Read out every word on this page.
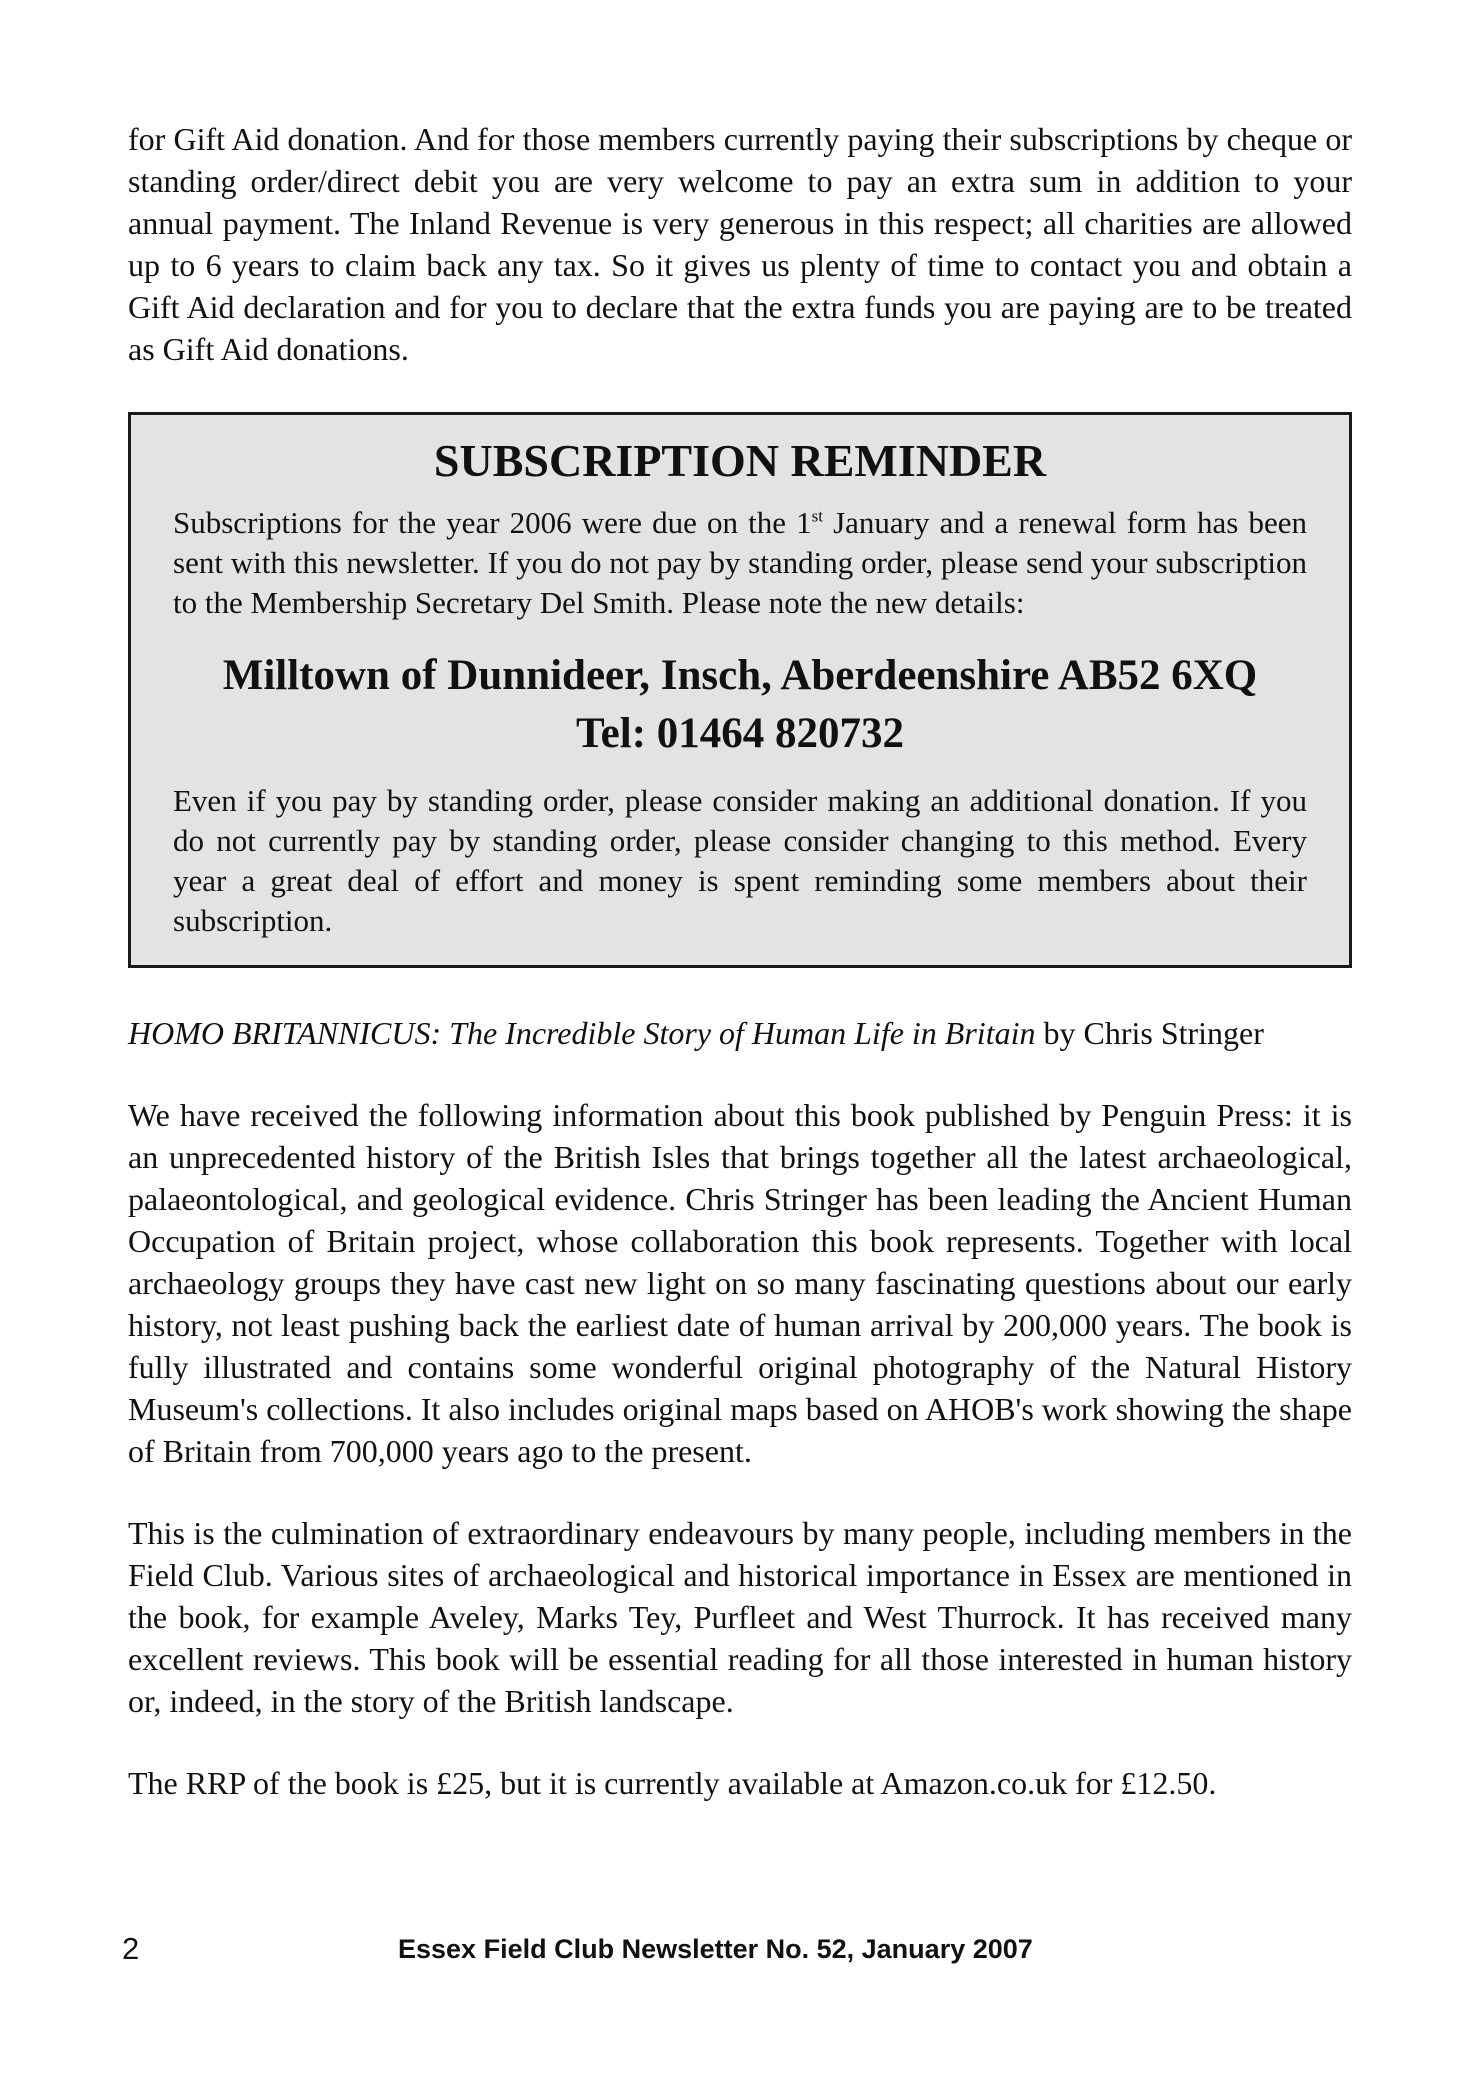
for Gift Aid donation. And for those members currently paying their subscriptions by cheque or standing order/direct debit you are very welcome to pay an extra sum in addition to your annual payment. The Inland Revenue is very generous in this respect; all charities are allowed up to 6 years to claim back any tax. So it gives us plenty of time to contact you and obtain a Gift Aid declaration and for you to declare that the extra funds you are paying are to be treated as Gift Aid donations.

SUBSCRIPTION REMINDER

Subscriptions for the year 2006 were due on the 1st January and a renewal form has been sent with this newsletter. If you do not pay by standing order, please send your subscription to the Membership Secretary Del Smith. Please note the new details:

Milltown of Dunnideer, Insch, Aberdeenshire AB52 6XQ
Tel: 01464 820732

Even if you pay by standing order, please consider making an additional donation. If you do not currently pay by standing order, please consider changing to this method. Every year a great deal of effort and money is spent reminding some members about their subscription.

HOMO BRITANNICUS: The Incredible Story of Human Life in Britain by Chris Stringer

We have received the following information about this book published by Penguin Press: it is an unprecedented history of the British Isles that brings together all the latest archaeological, palaeontological, and geological evidence. Chris Stringer has been leading the Ancient Human Occupation of Britain project, whose collaboration this book represents. Together with local archaeology groups they have cast new light on so many fascinating questions about our early history, not least pushing back the earliest date of human arrival by 200,000 years. The book is fully illustrated and contains some wonderful original photography of the Natural History Museum's collections. It also includes original maps based on AHOB's work showing the shape of Britain from 700,000 years ago to the present.

This is the culmination of extraordinary endeavours by many people, including members in the Field Club. Various sites of archaeological and historical importance in Essex are mentioned in the book, for example Aveley, Marks Tey, Purfleet and West Thurrock. It has received many excellent reviews. This book will be essential reading for all those interested in human history or, indeed, in the story of the British landscape.

The RRP of the book is £25, but it is currently available at Amazon.co.uk for £12.50.

2	Essex Field Club Newsletter No. 52, January 2007
